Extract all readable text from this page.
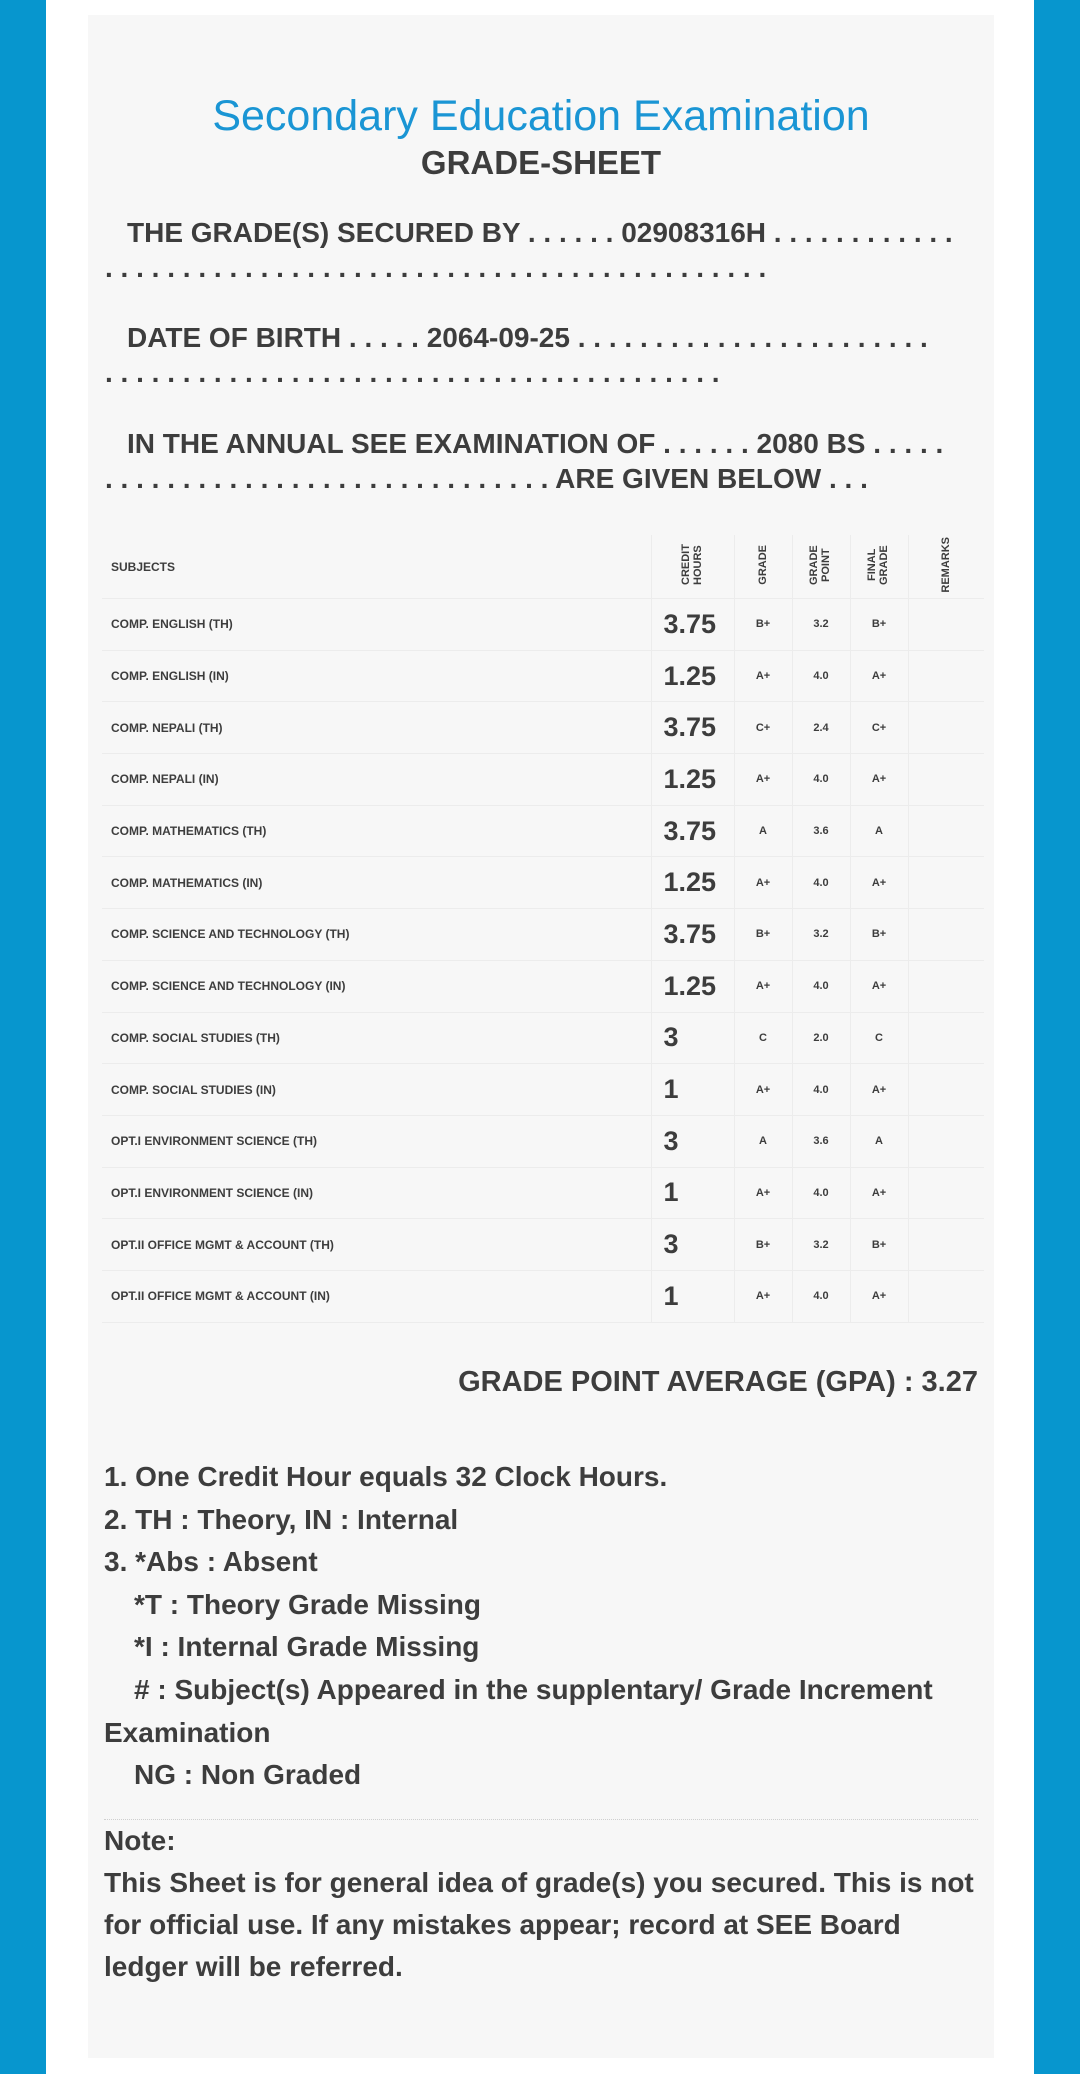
Secondary Education Examination
GRADE-SHEET
THE GRADE(S) SECURED BY . . . . . . 02908316H . . . . . . . . . . . .
. . . . . . . . . . . . . . . . . . . . . . . . . . . . . . . . . . . . . . . . . . .
DATE OF BIRTH . . . . . 2064-09-25 . . . . . . . . . . . . . . . . . . . . . . .
. . . . . . . . . . . . . . . . . . . . . . . . . . . . . . . . . . . . . . . .
IN THE ANNUAL SEE EXAMINATION OF . . . . . . 2080 BS . . . . .
. . . . . . . . . . . . . . . . . . . . . . . . . . . . . ARE GIVEN BELOW . . .
SUBJECTS	CREDIT HOURS	GRADE	GRADE POINT	FINAL GRADE	REMARKS
COMP. ENGLISH (TH)	3.75	B+	3.2	B+	
COMP. ENGLISH (IN)	1.25	A+	4.0	A+	
COMP. NEPALI (TH)	3.75	C+	2.4	C+	
COMP. NEPALI (IN)	1.25	A+	4.0	A+	
COMP. MATHEMATICS (TH)	3.75	A	3.6	A	
COMP. MATHEMATICS (IN)	1.25	A+	4.0	A+	
COMP. SCIENCE AND TECHNOLOGY (TH)	3.75	B+	3.2	B+	
COMP. SCIENCE AND TECHNOLOGY (IN)	1.25	A+	4.0	A+	
COMP. SOCIAL STUDIES (TH)	3	C	2.0	C	
COMP. SOCIAL STUDIES (IN)	1	A+	4.0	A+	
OPT.I ENVIRONMENT SCIENCE (TH)	3	A	3.6	A	
OPT.I ENVIRONMENT SCIENCE (IN)	1	A+	4.0	A+	
OPT.II OFFICE MGMT & ACCOUNT (TH)	3	B+	3.2	B+	
OPT.II OFFICE MGMT & ACCOUNT (IN)	1	A+	4.0	A+	
GRADE POINT AVERAGE (GPA) : 3.27
1. One Credit Hour equals 32 Clock Hours.
2. TH : Theory, IN : Internal
3. *Abs : Absent
*T : Theory Grade Missing
*I : Internal Grade Missing
# : Subject(s) Appeared in the supplentary/ Grade Increment
Examination
NG : Non Graded
Note:
This Sheet is for general idea of grade(s) you secured. This is not for official use. If any mistakes appear; record at SEE Board ledger will be referred.
